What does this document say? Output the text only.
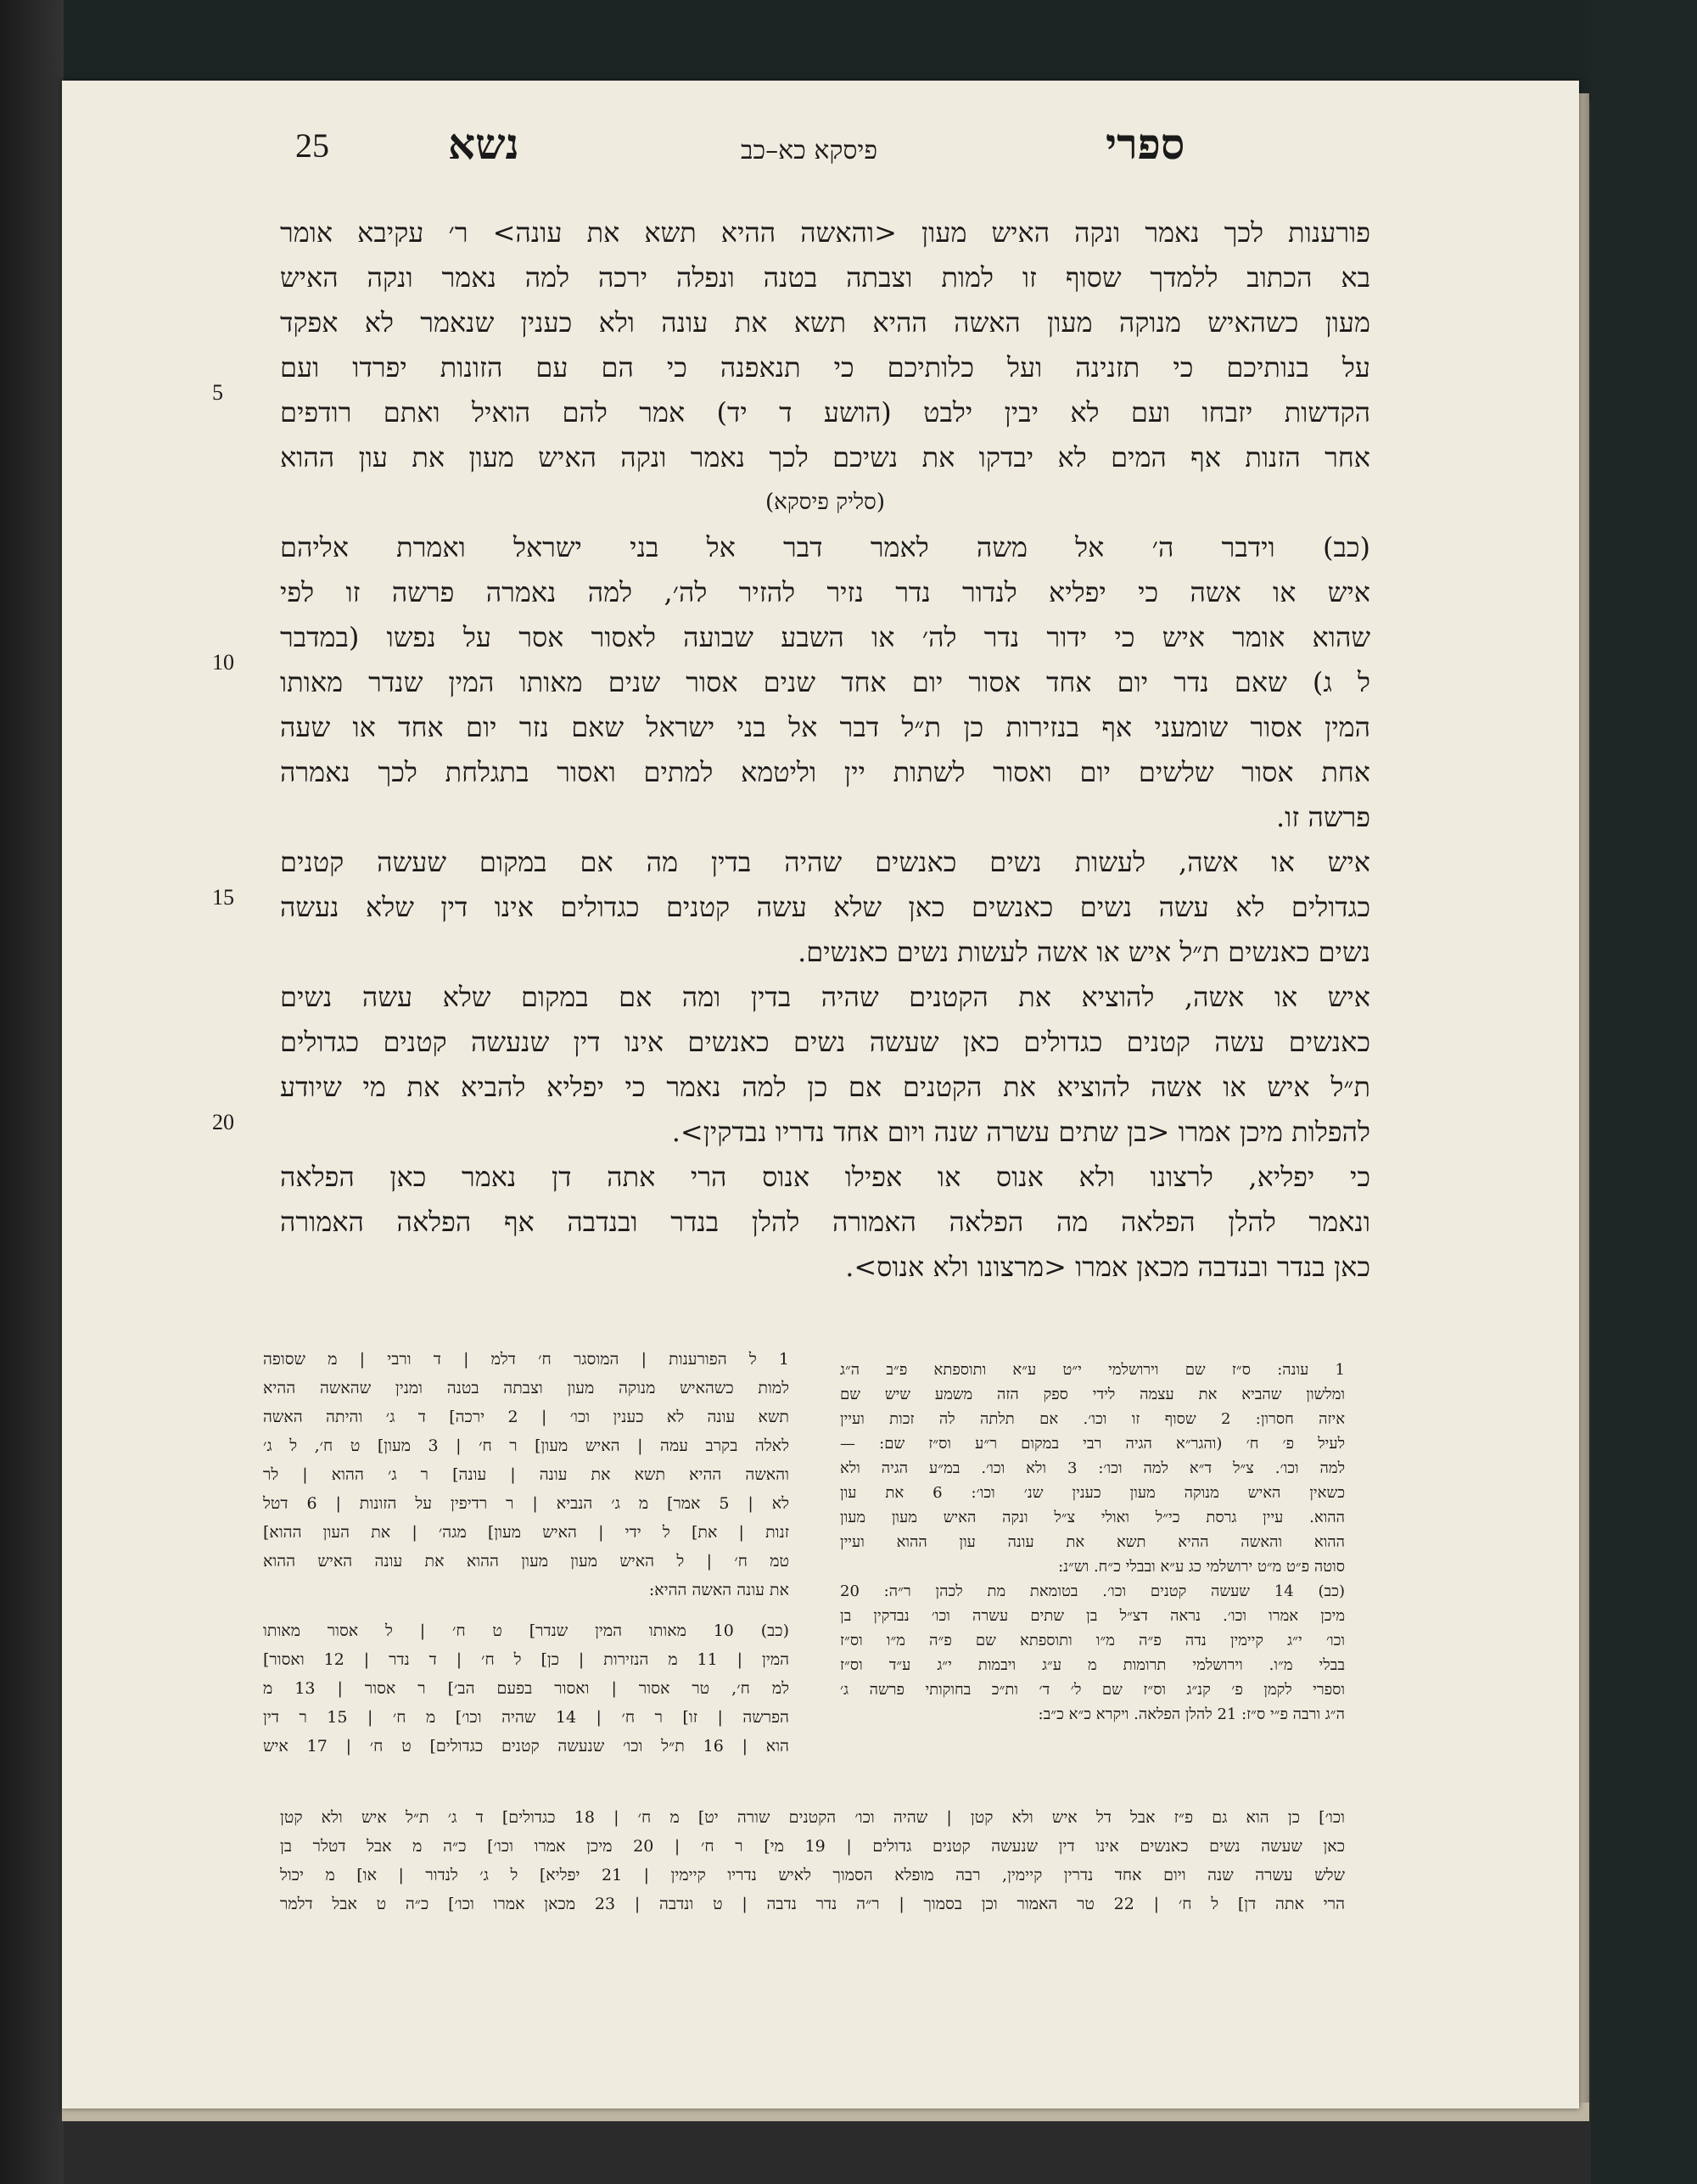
25	נשא	פיסקא כא–כב	ספרי
5
10
15
20
פורענות לכך נאמר ונקה האיש מעון <והאשה ההיא תשא את עונה> ר׳ עקיבא אומר
בא הכתוב ללמדך שסוף זו למות וצבתה בטנה ונפלה ירכה למה נאמר ונקה האיש
מעון כשהאיש מנוקה מעון האשה ההיא תשא את עונה ולא כענין שנאמר לא אפקד
על בנותיכם כי תזנינה ועל כלותיכם כי תנאפנה כי הם עם הזונות יפרדו ועם
הקדשות יזבחו ועם לא יבין ילבט (הושע ד יד) אמר להם הואיל ואתם רודפים
אחר הזנות אף המים לא יבדקו את נשיכם לכך נאמר ונקה האיש מעון את עון ההוא
(סליק פיסקא)
(כב) וידבר ה׳ אל משה לאמר דבר אל בני ישראל ואמרת אליהם
איש או אשה כי יפליא לנדור נדר נזיר להזיר לה׳, למה נאמרה פרשה זו לפי
שהוא אומר איש כי ידור נדר לה׳ או השבע שבועה לאסור אסר על נפשו (במדבר
ל ג) שאם נדר יום אחד אסור יום אחד שנים אסור שנים מאותו המין שנדר מאותו
המין אסור שומעני אף בנזירות כן ת״ל דבר אל בני ישראל שאם נזר יום אחד או שעה
אחת אסור שלשים יום ואסור לשתות יין וליטמא למתים ואסור בתגלחת לכך נאמרה
פרשה זו.
איש או אשה, לעשות נשים כאנשים שהיה בדין מה אם במקום שעשה קטנים
כגדולים לא עשה נשים כאנשים כאן שלא עשה קטנים כגדולים אינו דין שלא נעשה
נשים כאנשים ת״ל איש או אשה לעשות נשים כאנשים.
איש או אשה, להוציא את הקטנים שהיה בדין ומה אם במקום שלא עשה נשים
כאנשים עשה קטנים כגדולים כאן שעשה נשים כאנשים אינו דין שנעשה קטנים כגדולים
ת״ל איש או אשה להוציא את הקטנים אם כן למה נאמר כי יפליא להביא את מי שיודע
להפלות מיכן אמרו <בן שתים עשרה שנה ויום אחד נדריו נבדקין>.
כי יפליא, לרצונו ולא אנוס או אפילו אנוס הרי אתה דן נאמר כאן הפלאה
ונאמר להלן הפלאה מה הפלאה האמורה להלן בנדר ובנדבה אף הפלאה האמורה
כאן בנדר ובנדבה מכאן אמרו <מרצונו ולא אנוס>.
1 ל הפורענות | המוסגר ח׳ דלמ | ד ורבי | מ שסופה
למות כשהאיש מנוקה מעון וצבתה בטנה ומנין שהאשה ההיא
תשא עונה לא כענין וכו׳ | 2 ירכה] ד ג׳ והיתה האשה
לאלה בקרב עמה | האיש מעון] ר ח׳ | 3 מעון] ט ח׳, ל ג׳
והאשה ההיא תשא את עונה | עונה] ר ג׳ ההוא | לר
לא | 5 אמר] מ ג׳ הנביא | ר רדיפין על הזונות | 6 דטל
זנות | את] ל ידי | האיש מעון] מגה׳ | את העון ההוא]
טמ ח׳ | ל האיש מעון מעון ההוא את עונה האיש ההוא
את עונה האשה ההיא:
(כב) 10 מאותו המין שנדר] ט ח׳ | ל אסור מאותו
המין | 11 מ הנזירות | כן] ל ח׳ | ד נדר | 12 ואסור]
למ ח׳, טר אסור | ואסור בפעם הב׳] ר אסור | 13 מ
הפרשה | זו] ר ח׳ | 14 שהיה וכו׳] מ ח׳ | 15 ר דין
הוא | 16 ת״ל וכו׳ שנעשה קטנים כגדולים] ט ח׳ | 17 איש
1 עונה: ס״ז שם וירושלמי י״ט ע״א ותוספתא פ״ב ה״ג
ומלשון שהביא את עצמה לידי ספק הזה משמע שיש שם
איזה חסרון: 2 שסוף זו וכו׳. אם תלתה לה זכות ועיין
לעיל פ׳ ח׳ (והגר״א הגיה רבי במקום ר״ע וס״ז שם: —
למה וכו׳. צ״ל ד״א למה וכו׳: 3 ולא וכו׳. במ״ע הגיה ולא
כשאין האיש מנוקה מעון כענין שנ׳ וכו׳: 6 את עון
ההוא. עיין גרסת כי״ל ואולי צ״ל ונקה האיש מעון מעון
ההוא והאשה ההיא תשא את עונה עון ההוא ועיין
סוטה פ״ט מ״ט ירושלמי כג ע״א ובבלי כ״ח. וש״נ:
(כב) 14 שעשה קטנים וכו׳. בטומאת מת לכהן ר״ה: 20
מיכן אמרו וכו׳. נראה דצ״ל בן שתים עשרה וכו׳ נבדקין בן
וכו׳ י״ג קיימין נדה פ״ה מ״ו ותוספתא שם פ״ה מ״ו וס״ז
בבלי מ״ו. וירושלמי תרומות מ ע״ג ויבמות י״ג ע״ד וס״ז
וספרי לקמן פ׳ קנ״ג וס״ז שם ל׳ ד׳ ות״כ בחוקותי פרשה ג׳
ה״ג ורבה פ״י ס״ז: 21 להלן הפלאה. ויקרא כ״א כ״ב:
וכו׳] כן הוא גם פ״ז אבל דל איש ולא קטן | שהיה וכו׳ הקטנים שורה יט] מ ח׳ | 18 כגדולים] ד ג׳ ת״ל איש ולא קטן
כאן שעשה נשים כאנשים אינו דין שנעשה קטנים גדולים | 19 מי] ר ח׳ | 20 מיכן אמרו וכו׳] כ״ה מ אבל דטלר בן
שלש עשרה שנה ויום אחד נדרין קיימין, רבה מופלא הסמוך לאיש נדריו קיימין | 21 יפליא] ל ג׳ לנדור | או] מ יכול
הרי אתה דן] ל ח׳ | 22 טר האמור וכן בסמוך | ר״ה נדר נדבה | ט ונדבה | 23 מכאן אמרו וכו׳] כ״ה ט אבל דלמר
